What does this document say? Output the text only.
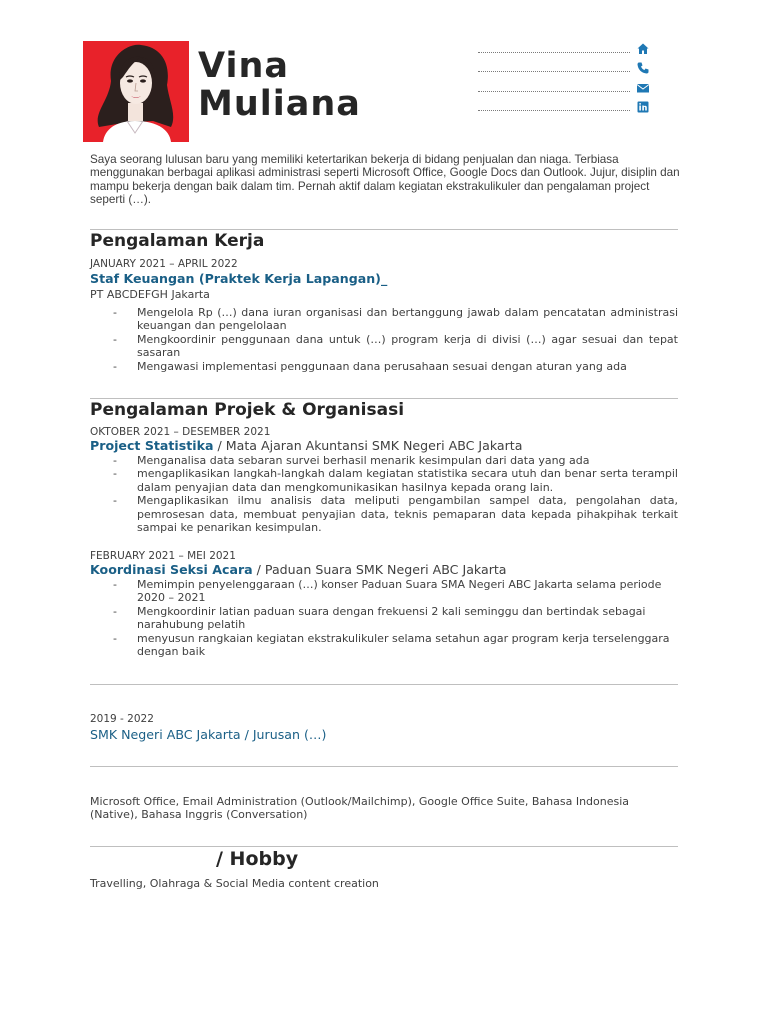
Vina
Muliana
Saya seorang lulusan baru yang memiliki ketertarikan bekerja di bidang penjualan dan niaga. Terbiasa menggunakan berbagai aplikasi administrasi seperti Microsoft Office, Google Docs dan Outlook. Jujur, disiplin dan mampu bekerja dengan baik dalam tim. Pernah aktif dalam kegiatan ekstrakulikuler dan pengalaman project seperti (…).
Pengalaman Kerja
JANUARY 2021 – APRIL 2022
Staf Keuangan (Praktek Kerja Lapangan)_
PT ABCDEFGH Jakarta
- Mengelola Rp (…) dana iuran organisasi dan bertanggung jawab dalam pencatatan administrasi keuangan dan pengelolaan
- Mengkoordinir penggunaan dana untuk (…) program kerja di divisi (…) agar sesuai dan tepat sasaran
- Mengawasi implementasi penggunaan dana perusahaan sesuai dengan aturan yang ada
Pengalaman Projek & Organisasi
OKTOBER 2021 – DESEMBER 2021
Project Statistika / Mata Ajaran Akuntansi SMK Negeri ABC Jakarta
- Menganalisa data sebaran survei berhasil menarik kesimpulan dari data yang ada
- mengaplikasikan langkah-langkah dalam kegiatan statistika secara utuh dan benar serta terampil dalam penyajian data dan mengkomunikasikan hasilnya kepada orang lain.
- Mengaplikasikan ilmu analisis data meliputi pengambilan sampel data, pengolahan data, pemrosesan data, membuat penyajian data, teknis pemaparan data kepada pihakpihak terkait sampai ke penarikan kesimpulan.
FEBRUARY 2021 – MEI 2021
Koordinasi Seksi Acara / Paduan Suara SMK Negeri ABC Jakarta
- Memimpin penyelenggaraan (…) konser Paduan Suara SMA Negeri ABC Jakarta selama periode 2020 – 2021
- Mengkoordinir latian paduan suara dengan frekuensi 2 kali seminggu dan bertindak sebagai narahubung pelatih
- menyusun rangkaian kegiatan ekstrakulikuler selama setahun agar program kerja terselenggara dengan baik
2019 - 2022
SMK Negeri ABC Jakarta / Jurusan (…)
Microsoft Office, Email Administration (Outlook/Mailchimp), Google Office Suite, Bahasa Indonesia (Native), Bahasa Inggris (Conversation)
/ Hobby
Travelling, Olahraga & Social Media content creation
